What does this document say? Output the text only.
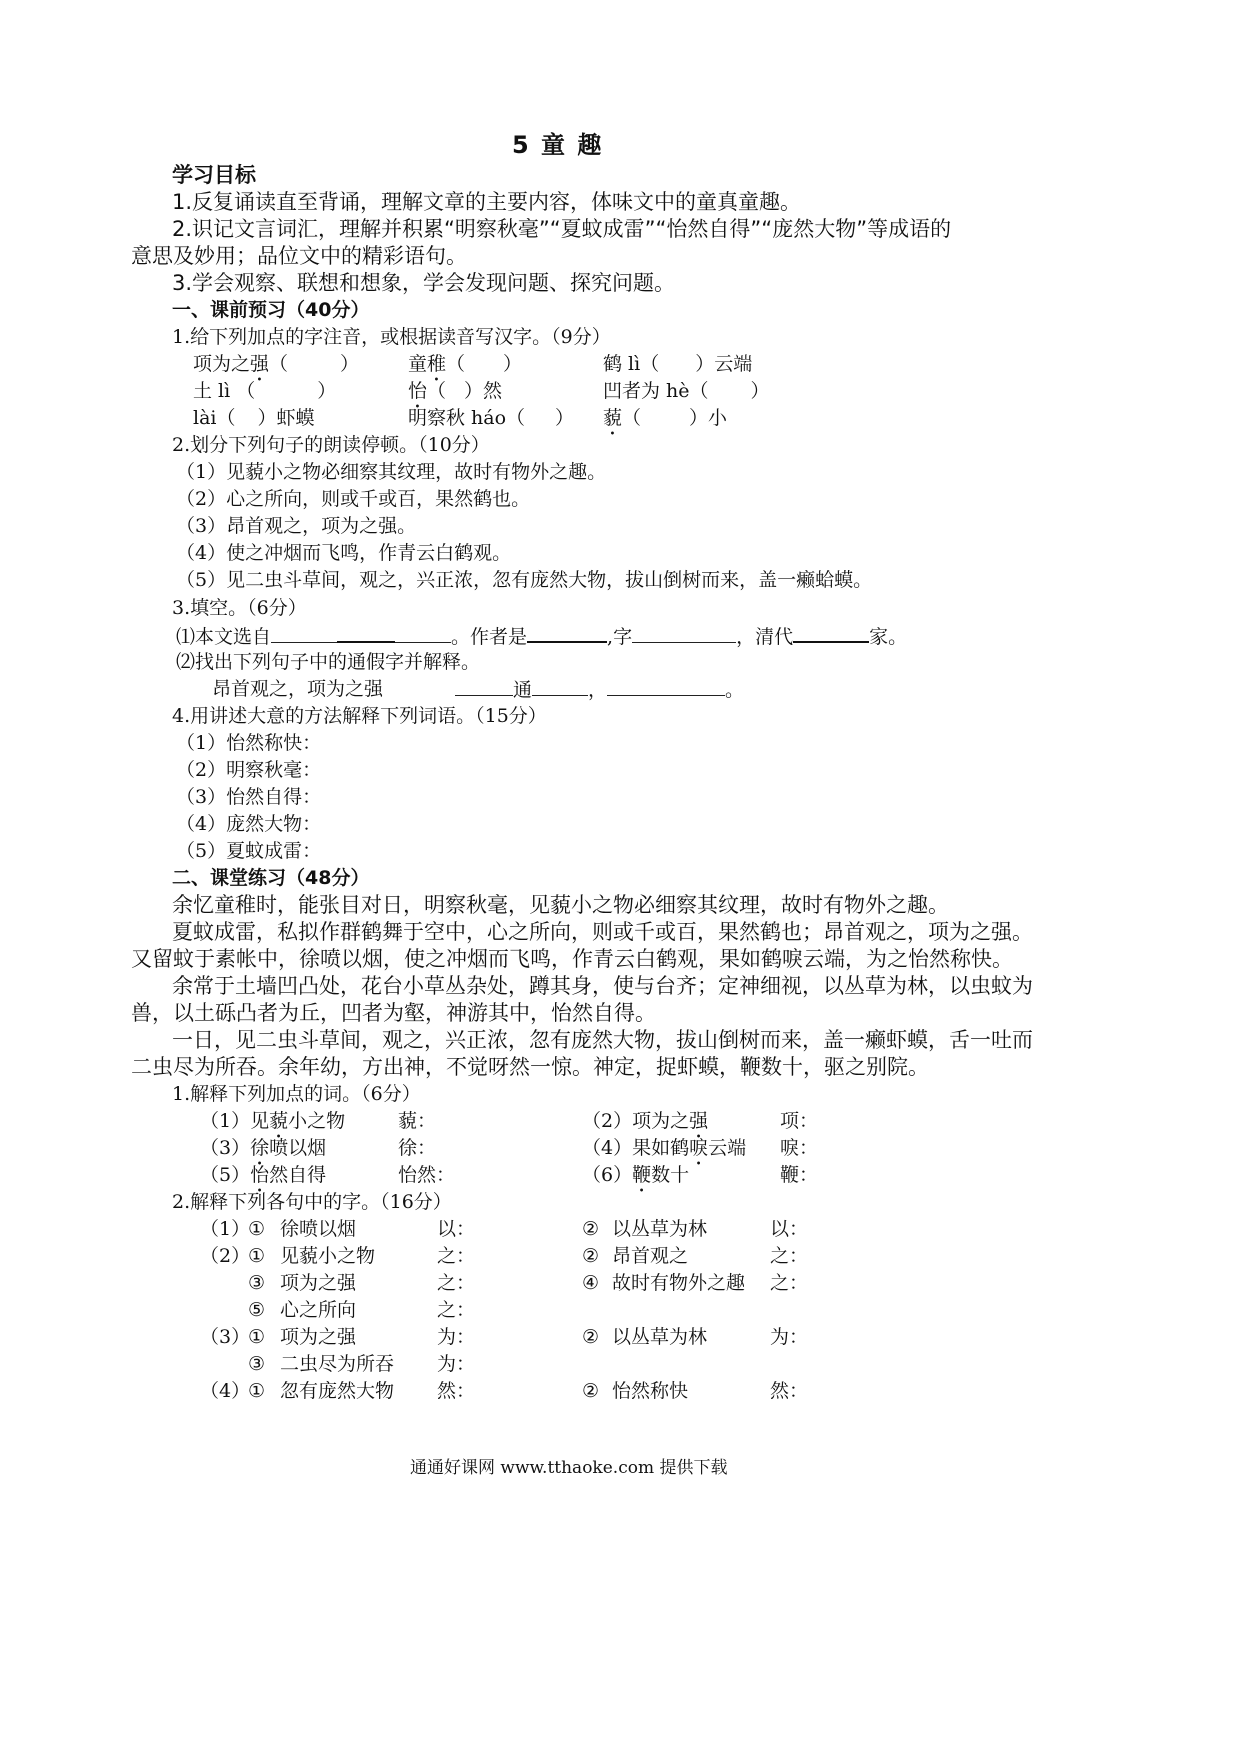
5 童 趣
学习目标
1.反复诵读直至背诵，理解文章的主要内容，体味文中的童真童趣。
2.识记文言词汇，理解并积累“明察秋毫”“夏蚊成雷”“怡然自得”“庞然大物”等成语的
意思及妙用；品位文中的精彩语句。
3.学会观察、联想和想象，学会发现问题、探究问题。
一、课前预习（40分）
1.给下列加点的字注音，或根据读音写汉字。（9分）
项为之强（	）	童稚（ ）	鹤 lì（ ）云端
土 lì （	）	怡（ ）然	凹者为 hè（ ）
lài（ ）虾蟆	明察秋 háo（ ） 藐（	）小
2.划分下列句子的朗读停顿。（10分）
（1）见藐小之物必细察其纹理，故时有物外之趣。
（2）心之所向，则或千或百，果然鹤也。
（3）昂首观之，项为之强。
（4）使之冲烟而飞鸣，作青云白鹤观。
（5）见二虫斗草间，观之，兴正浓，忽有庞然大物，拔山倒树而来，盖一癞蛤蟆。
3.填空。（6分）
⑴本文选自	。作者是	,字	，清代	家。
⑵找出下列句子中的通假字并解释。
昂首观之，项为之强	通	，	。
4.用讲述大意的方法解释下列词语。（15分）
（1）怡然称快：
（2）明察秋毫：
（3）怡然自得：
（4）庞然大物：
（5）夏蚊成雷：
二、课堂练习（48分）
余忆童稚时，能张目对日，明察秋毫，见藐小之物必细察其纹理，故时有物外之趣。
夏蚊成雷，私拟作群鹤舞于空中，心之所向，则或千或百，果然鹤也；昂首观之，项为之强。
又留蚊于素帐中，徐喷以烟，使之冲烟而飞鸣，作青云白鹤观，果如鹤唳云端，为之怡然称快。
余常于土墙凹凸处，花台小草丛杂处，蹲其身，使与台齐；定神细视，以丛草为林，以虫蚊为
兽，以土砾凸者为丘，凹者为壑，神游其中，怡然自得。
一日，见二虫斗草间，观之，兴正浓，忽有庞然大物，拔山倒树而来，盖一癞虾蟆，舌一吐而
二虫尽为所吞。余年幼，方出神，不觉呀然一惊。神定，捉虾蟆，鞭数十，驱之别院。
1.解释下列加点的词。（6分）
（1）见藐小之物	藐：	（2）项为之强	项：
（3）徐喷以烟	徐：	（4）果如鹤唳云端 唳：
（5）怡然自得	怡然：	（6）鞭数十	鞭：
2.解释下列各句中的字。（16分）
（1）
① 徐喷以烟	以：	② 以丛草为林	以：
（2）
① 见藐小之物	之：	② 昂首观之	之：
③ 项为之强	之：	④ 故时有物外之趣 之：
⑤ 心之所向	之：
（3）
① 项为之强	为：	② 以丛草为林	为：
③ 二虫尽为所吞 为：
（4）
① 忽有庞然大物 然：	② 怡然称快	然：
通通好课网 www.tthaoke.com 提供下载
